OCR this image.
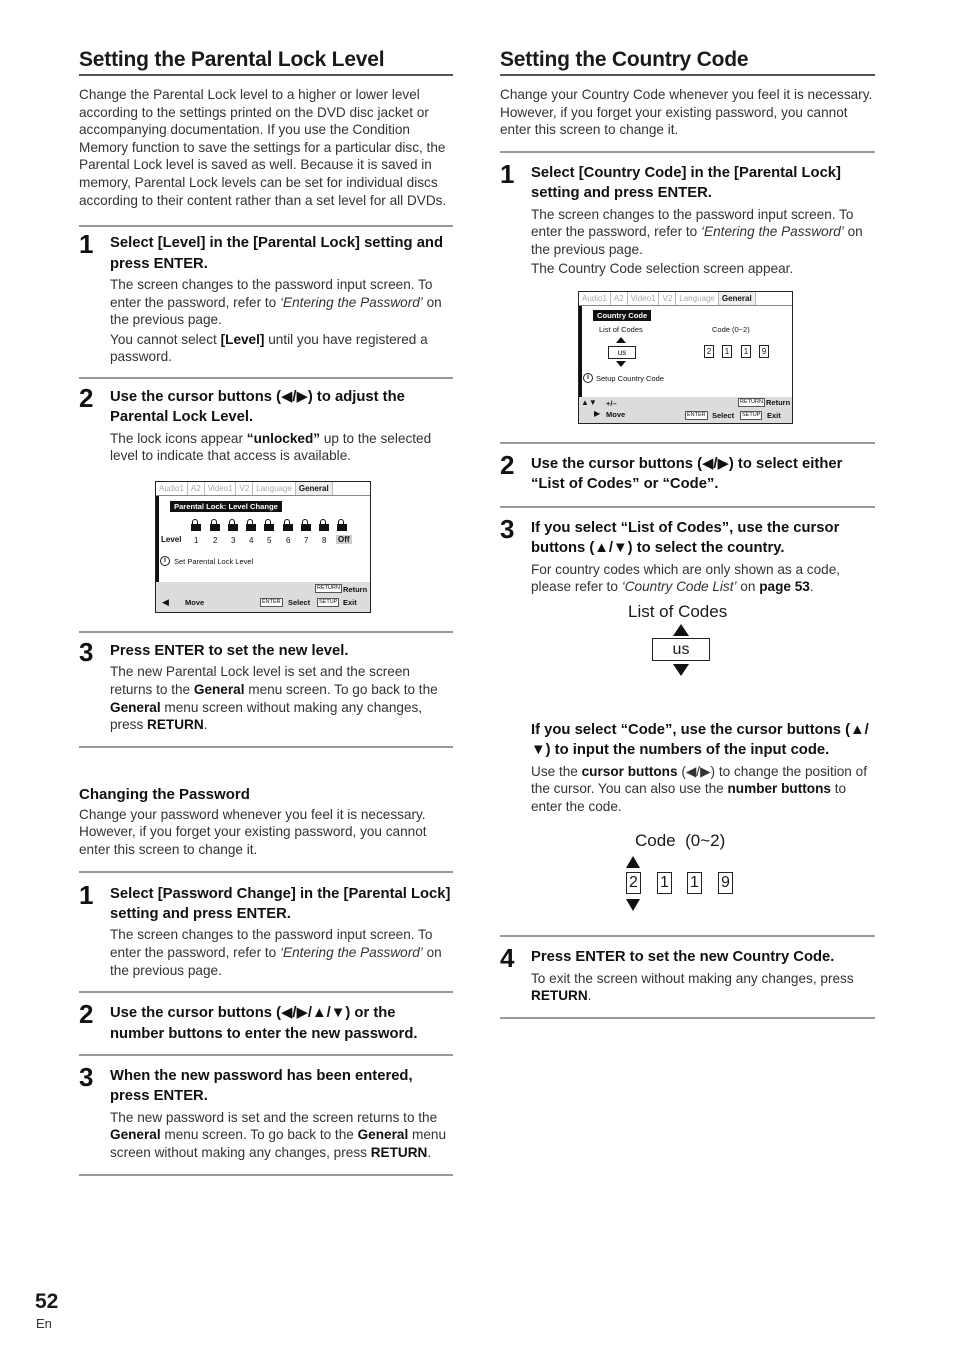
Setting the Parental Lock Level

Change the Parental Lock level to a higher or lower level according to the settings printed on the DVD disc jacket or accompanying documentation. If you use the Condition Memory function to save the settings for a particular disc, the Parental Lock level is saved as well. Because it is saved in memory, Parental Lock levels can be set for individual discs according to their content rather than a set level for all DVDs.

1 Select [Level] in the [Parental Lock] setting and press ENTER.
The screen changes to the password input screen. To enter the password, refer to ‘Entering the Password’ on the previous page.
You cannot select [Level] until you have registered a password.
2 Use the cursor buttons (◀/▶) to adjust the Parental Lock Level.
The lock icons appear “unlocked” up to the selected level to indicate that access is available.
Audio1 A2 Video1 V2 Language General
Parental Lock: Level Change
Level 1 2 3 4 5 6 7 8 Off
i	Set Parental Lock Level
◀ Move	ENTER Select
RETURN Return
SETUP Exit
3 Press ENTER to set the new level.
The new Parental Lock level is set and the screen returns to the General menu screen. To go back to the General menu screen without making any changes, press RETURN.
Changing the Password

Change your password whenever you feel it is necessary. However, if you forget your existing password, you cannot enter this screen to change it.

1 Select [Password Change] in the [Parental Lock] setting and press ENTER.
The screen changes to the password input screen. To enter the password, refer to ‘Entering the Password’ on the previous page.
2 Use the cursor buttons (◀/▶/▲/▼) or the number buttons to enter the new password.
3 When the new password has been entered, press ENTER.
The new password is set and the screen returns to the General menu screen. To go back to the General menu screen without making any changes, press RETURN.
Setting the Country Code

Change your Country Code whenever you feel it is necessary. However, if you forget your existing password, you cannot enter this screen to change it.

1 Select [Country Code] in the [Parental Lock] setting and press ENTER.
The screen changes to the password input screen. To enter the password, refer to ‘Entering the Password’ on the previous page.
The Country Code selection screen appear.
Audio1 A2 Video1 V2 Language General
Country Code
List of Codes	Code (0~2)
us	2	1	1	9
i Setup Country Code
▲▼ +/–
▶ Move	ENTER Select
RETURN Return
SETUP Exit
2 Use the cursor buttons (◀/▶) to select either “List of Codes” or “Code”.
3 If you select “List of Codes”, use the cursor buttons (▲/▼) to select the country.
For country codes which are only shown as a code, please refer to ‘Country Code List’ on page 53.
List of Codes
us
If you select “Code”, use the cursor buttons (▲/▼) to input the numbers of the input code.
Use the cursor buttons (◀/▶) to change the position of the cursor. You can also use the number buttons to enter the code.
Code  (0~2)
2 1 1 9
4 Press ENTER to set the new Country Code.
To exit the screen without making any changes, press RETURN.
52
En
